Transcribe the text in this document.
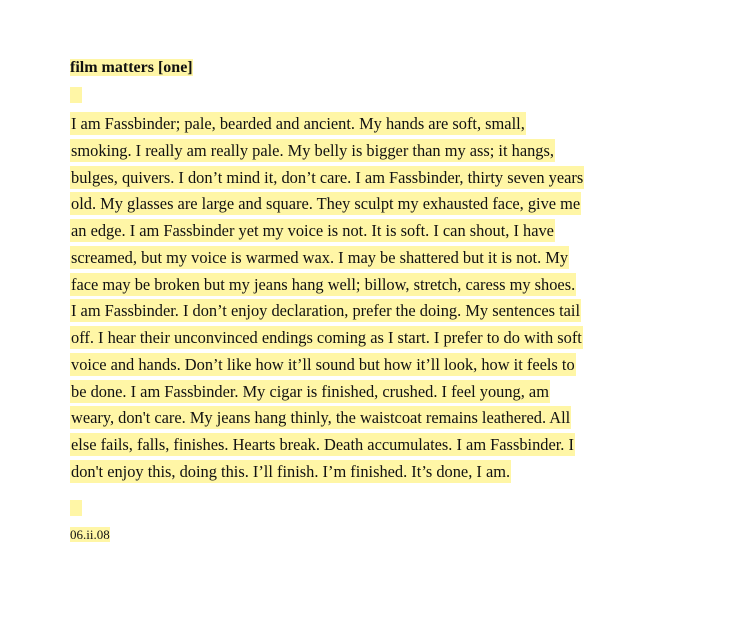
film matters [one]
I am Fassbinder; pale, bearded and ancient. My hands are soft, small,
smoking. I really am really pale. My belly is bigger than my ass; it hangs,
bulges, quivers. I don’t mind it, don’t care. I am Fassbinder, thirty seven years
old. My glasses are large and square. They sculpt my exhausted face, give me
an edge. I am Fassbinder yet my voice is not. It is soft. I can shout, I have
screamed, but my voice is warmed wax. I may be shattered but it is not. My
face may be broken but my jeans hang well; billow, stretch, caress my shoes.
I am Fassbinder. I don’t enjoy declaration, prefer the doing. My sentences tail
off. I hear their unconvinced endings coming as I start. I prefer to do with soft
voice and hands. Don’t like how it’ll sound but how it’ll look, how it feels to
be done. I am Fassbinder. My cigar is finished, crushed. I feel young, am
weary, don't care. My jeans hang thinly, the waistcoat remains leathered. All
else fails, falls, finishes. Hearts break. Death accumulates. I am Fassbinder. I
don't enjoy this, doing this. I’ll finish. I’m finished. It’s done, I am.
06.ii.08
